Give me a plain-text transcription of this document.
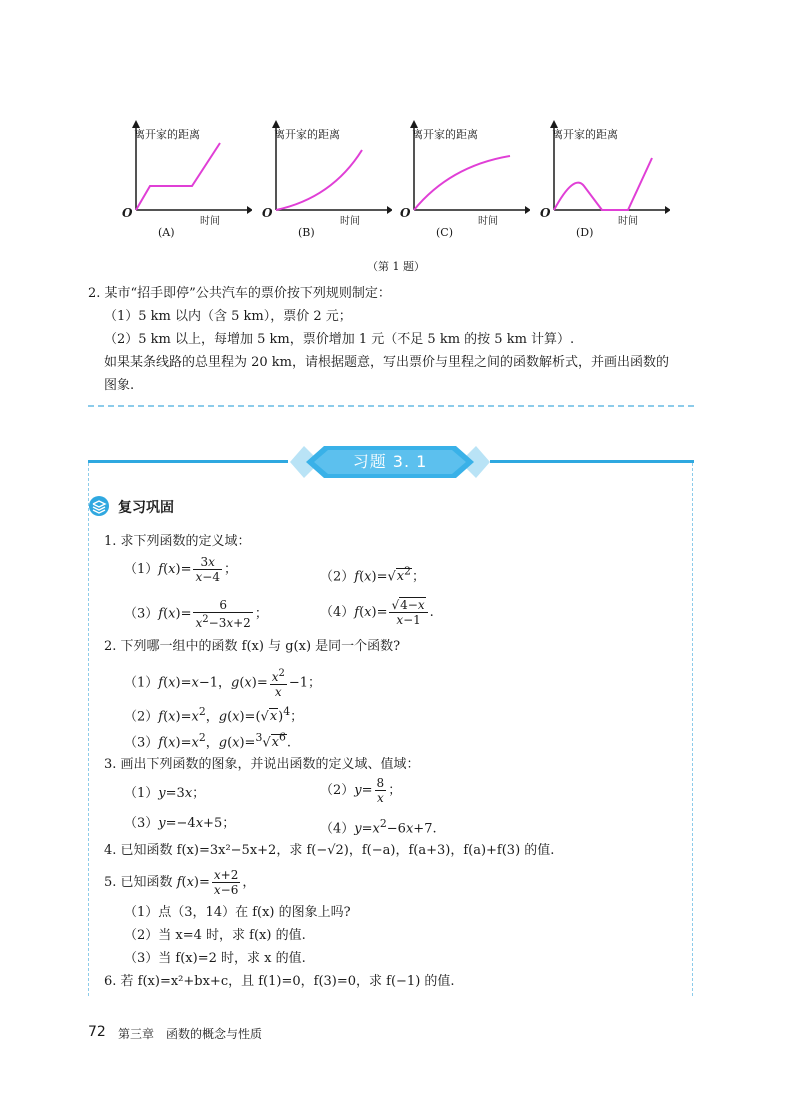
离开家的距离
时间
O
(A)
离开家的距离
时间
O
(B)
离开家的距离
时间
O
(C)
离开家的距离
时间
O
(D)
（第 1 题）
2. 某市“招手即停”公共汽车的票价按下列规则制定：
（1）5 km 以内（含 5 km），票价 2 元；
（2）5 km 以上，每增加 5 km，票价增加 1 元（不足 5 km 的按 5 km 计算）.
如果某条线路的总里程为 20 km，请根据题意，写出票价与里程之间的函数解析式，并画出函数的
图象.
习题 3. 1
复习巩固
1. 求下列函数的定义域：
$(1)f(x)= \frac{3x}{x-4}$ ；	$(2)f(x)=√x^2$；
$(3)f(x)= \frac{6}{x^2-3x+2}$ ；	$(4)f(x)= \frac{√4-x}{x-1}$ .
2. 下列哪一组中的函数 f(x) 与 g(x) 是同一个函数?
（1）f(x)=x−1，$g(x)= \frac{x^2}{x} -1$；
$(2)f(x)=x^2$，$g(x)=(√x)^4$；
$(3)f(x)=x^2$，$g(x)=^3√x^6$.
3. 画出下列函数的图象，并说出函数的定义域、值域：
（1）y=3x；	$(2)y= \frac{8}{x}$ ；
（3）y=−4x+5；	$(4)y=x^2-6x+7$.
4. 已知函数 f(x)=3x²−5x+2，求 f(−√2)，f(−a)，f(a+3)，f(a)+f(3) 的值.
5. 已知函数 $f(x)= \frac{x+2}{x-6}$ ，
（1）点（3，14）在 f(x) 的图象上吗?
（2）当 x=4 时，求 f(x) 的值.
（3）当 f(x)=2 时，求 x 的值.
6. 若 f(x)=x²+bx+c，且 f(1)=0，f(3)=0，求 f(−1) 的值.
72 第三章　函数的概念与性质
